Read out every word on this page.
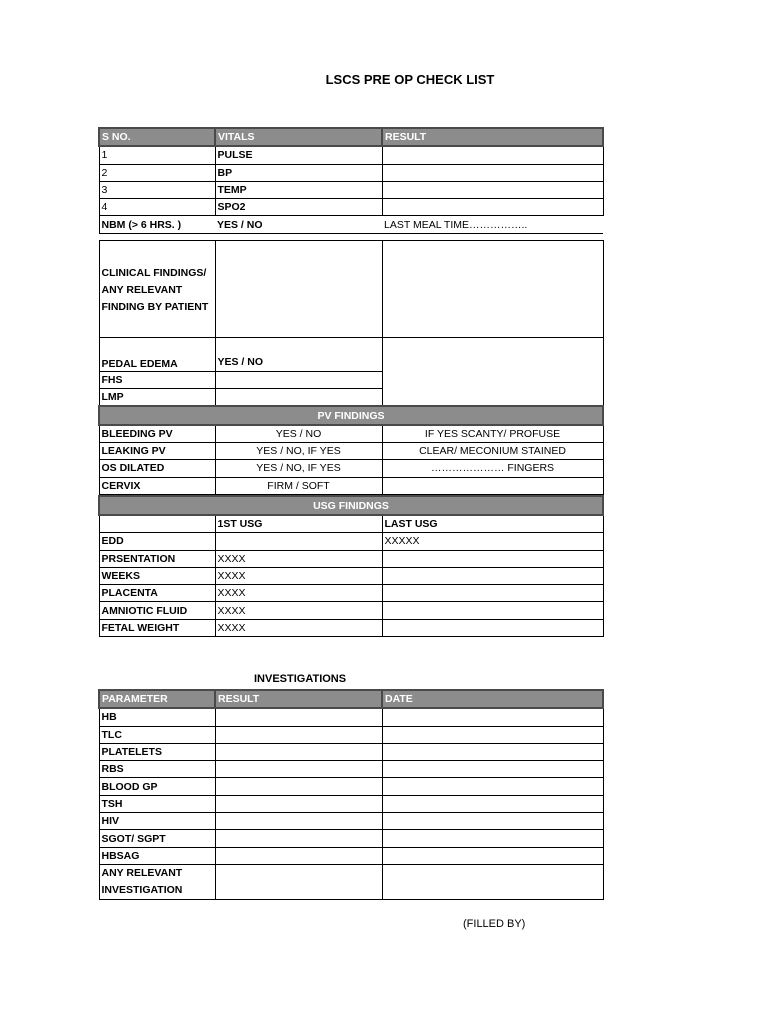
LSCS PRE OP CHECK LIST
S NO.	VITALS	RESULT
1	PULSE	
2	BP	
3	TEMP	
4	SPO2	
NBM (> 6 HRS. )	YES / NO	LAST MEAL TIME……………..

CLINICAL FINDINGS/
ANY RELEVANT
FINDING BY PATIENT		

PEDAL EDEMA	YES / NO	
FHS		
LMP		
PV FINDINGS		
BLEEDING PV	YES / NO	IF YES SCANTY/ PROFUSE
LEAKING PV	YES / NO, IF YES	CLEAR/ MECONIUM STAINED
OS DILATED	YES / NO, IF YES	………………… FINGERS
CERVIX	FIRM / SOFT	
USG FINIDNGS		
	1ST USG	LAST USG
EDD		XXXXX
PRSENTATION	XXXX	
WEEKS	XXXX	
PLACENTA	XXXX	
AMNIOTIC FLUID	XXXX	
FETAL WEIGHT	XXXX	
INVESTIGATIONS
PARAMETER	RESULT	DATE
HB		
TLC		
PLATELETS		
RBS		
BLOOD GP		
TSH		
HIV		
SGOT/ SGPT		
HBSAG		

ANY RELEVANT
INVESTIGATION		

(FILLED BY)
